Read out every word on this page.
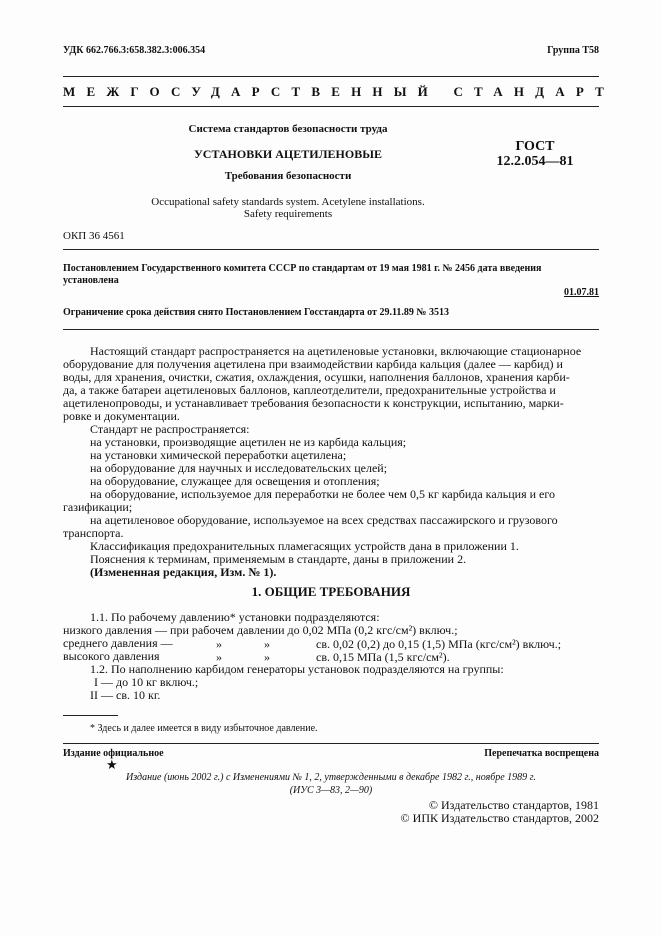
УДК 662.766.3:658.382.3:006.354	Группа Т58
МЕЖГОСУДАРСТВЕННЫЙ СТАНДАРТ
Система стандартов безопасности труда
УСТАНОВКИ АЦЕТИЛЕНОВЫЕ
Требования безопасности
Occupational safety standards system. Acetylene installations.
Safety requirements
ГОСТ
12.2.054—81
ОКП 36 4561
Постановлением Государственного комитета СССР по стандартам от 19 мая 1981 г. № 2456 дата введения
установлена
01.07.81
Ограничение срока действия снято Постановлением Госстандарта от 29.11.89 № 3513
Настоящий стандарт распространяется на ацетиленовые установки, включающие стационарное
оборудование для получения ацетилена при взаимодействии карбида кальция (далее — карбид) и
воды, для хранения, очистки, сжатия, охлаждения, осушки, наполнения баллонов, хранения карби-
да, а также батареи ацетиленовых баллонов, каплеотделители, предохранительные устройства и
ацетиленопроводы, и устанавливает требования безопасности к конструкции, испытанию, марки-
ровке и документации.
Стандарт не распространяется:
на установки, производящие ацетилен не из карбида кальция;
на установки химической переработки ацетилена;
на оборудование для научных и исследовательских целей;
на оборудование, служащее для освещения и отопления;
на оборудование, используемое для переработки не более чем 0,5 кг карбида кальция и его
газификации;
на ацетиленовое оборудование, используемое на всех средствах пассажирского и грузового
транспорта.
Классификация предохранительных пламегасящих устройств дана в приложении 1.
Пояснения к терминам, применяемым в стандарте, даны в приложении 2.
(Измененная редакция, Изм. № 1).
1. ОБЩИЕ ТРЕБОВАНИЯ
1.1. По рабочему давлению* установки подразделяются:
низкого давления — при рабочем давлении до 0,02 МПа (0,2 кгс/см²) включ.;
среднего давления —	»	»	св. 0,02 (0,2) до 0,15 (1,5) МПа (кгс/см²) включ.;
высокого давления	»	»	св. 0,15 МПа (1,5 кгс/см²).
1.2. По наполнению карбидом генераторы установок подразделяются на группы:
I — до 10 кг включ.;
II — св. 10 кг.
* Здесь и далее имеется в виду избыточное давление.
Издание официальное	Перепечатка воспрещена
★
Издание (июнь 2002 г.) с Изменениями № 1, 2, утвержденными в декабре 1982 г., ноябре 1989 г.
(ИУС 3—83, 2—90)
© Издательство стандартов, 1981
© ИПК Издательство стандартов, 2002
